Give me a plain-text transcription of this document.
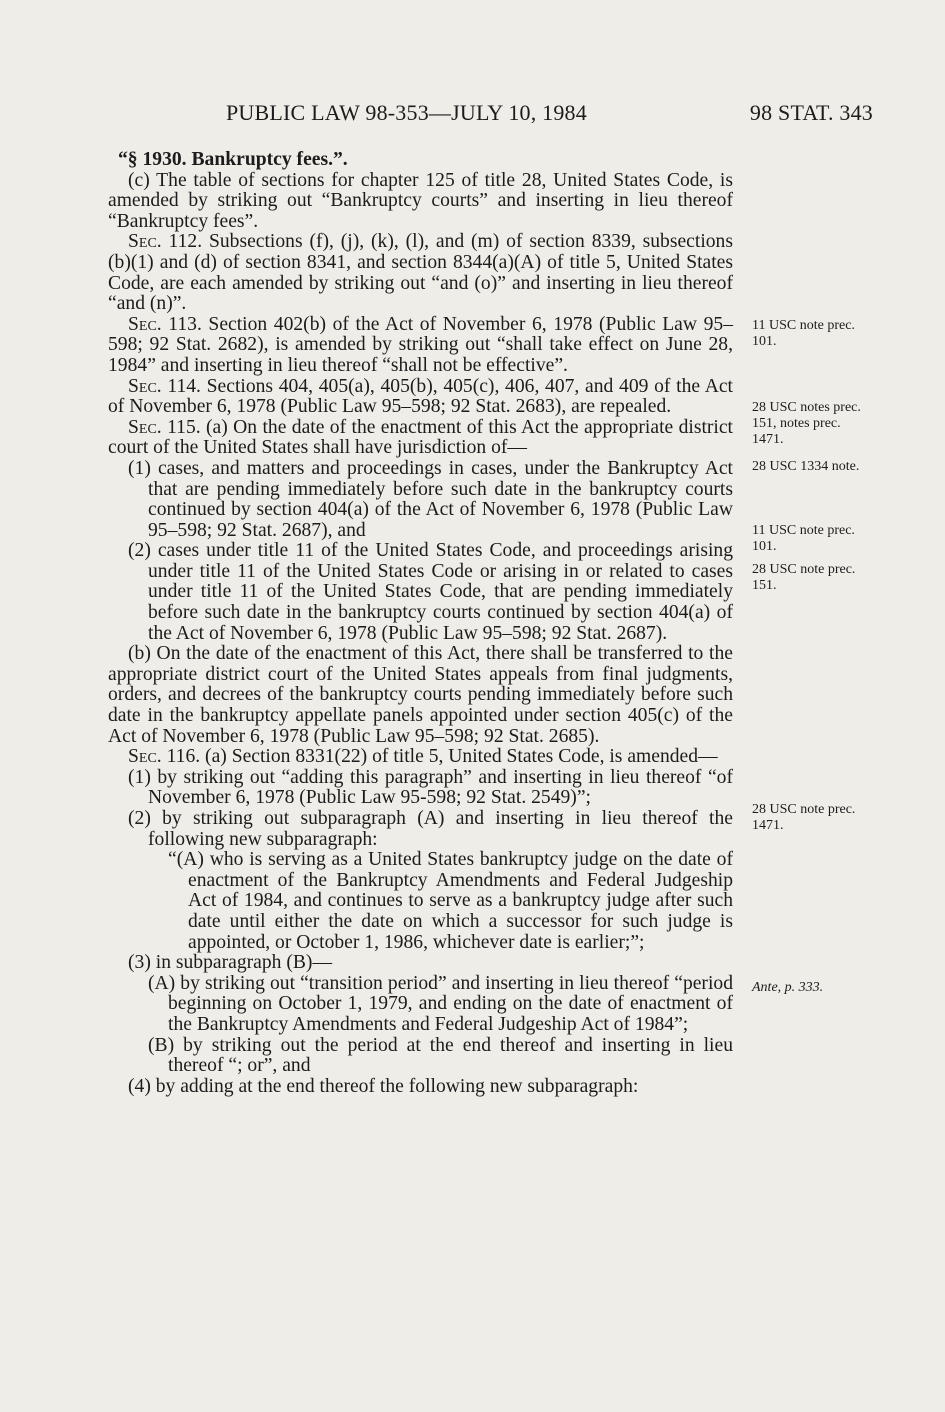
PUBLIC LAW 98-353—JULY 10, 1984	98 STAT. 343

“§ 1930. Bankruptcy fees.”.

(c) The table of sections for chapter 125 of title 28, United States Code, is amended by striking out “Bankruptcy courts” and inserting in lieu thereof “Bankruptcy fees”.

Sec. 112. Subsections (f), (j), (k), (l), and (m) of section 8339, subsections (b)(1) and (d) of section 8341, and section 8344(a)(A) of title 5, United States Code, are each amended by striking out “and (o)” and inserting in lieu thereof “and (n)”.

Sec. 113. Section 402(b) of the Act of November 6, 1978 (Public Law 95–598; 92 Stat. 2682), is amended by striking out “shall take effect on June 28, 1984” and inserting in lieu thereof “shall not be effective”.

Sec. 114. Sections 404, 405(a), 405(b), 405(c), 406, 407, and 409 of the Act of November 6, 1978 (Public Law 95–598; 92 Stat. 2683), are repealed.

Sec. 115. (a) On the date of the enactment of this Act the appropriate district court of the United States shall have jurisdiction of—

(1) cases, and matters and proceedings in cases, under the Bankruptcy Act that are pending immediately before such date in the bankruptcy courts continued by section 404(a) of the Act of November 6, 1978 (Public Law 95–598; 92 Stat. 2687), and

(2) cases under title 11 of the United States Code, and proceedings arising under title 11 of the United States Code or arising in or related to cases under title 11 of the United States Code, that are pending immediately before such date in the bankruptcy courts continued by section 404(a) of the Act of November 6, 1978 (Public Law 95–598; 92 Stat. 2687).

(b) On the date of the enactment of this Act, there shall be transferred to the appropriate district court of the United States appeals from final judgments, orders, and decrees of the bankruptcy courts pending immediately before such date in the bankruptcy appellate panels appointed under section 405(c) of the Act of November 6, 1978 (Public Law 95–598; 92 Stat. 2685).

Sec. 116. (a) Section 8331(22) of title 5, United States Code, is amended—

(1) by striking out “adding this paragraph” and inserting in lieu thereof “of November 6, 1978 (Public Law 95-598; 92 Stat. 2549)”;

(2) by striking out subparagraph (A) and inserting in lieu thereof the following new subparagraph:

“(A) who is serving as a United States bankruptcy judge on the date of enactment of the Bankruptcy Amendments and Federal Judgeship Act of 1984, and continues to serve as a bankruptcy judge after such date until either the date on which a successor for such judge is appointed, or October 1, 1986, whichever date is earlier;”;

(3) in subparagraph (B)—

(A) by striking out “transition period” and inserting in lieu thereof “period beginning on October 1, 1979, and ending on the date of enactment of the Bankruptcy Amendments and Federal Judgeship Act of 1984”;

(B) by striking out the period at the end thereof and inserting in lieu thereof “; or”, and

(4) by adding at the end thereof the following new subparagraph:

11 USC note prec. 101.

28 USC notes prec. 151, notes prec. 1471.

28 USC 1334 note.

11 USC note prec. 101.

28 USC note prec. 151.

28 USC note prec. 1471.

Ante, p. 333.
